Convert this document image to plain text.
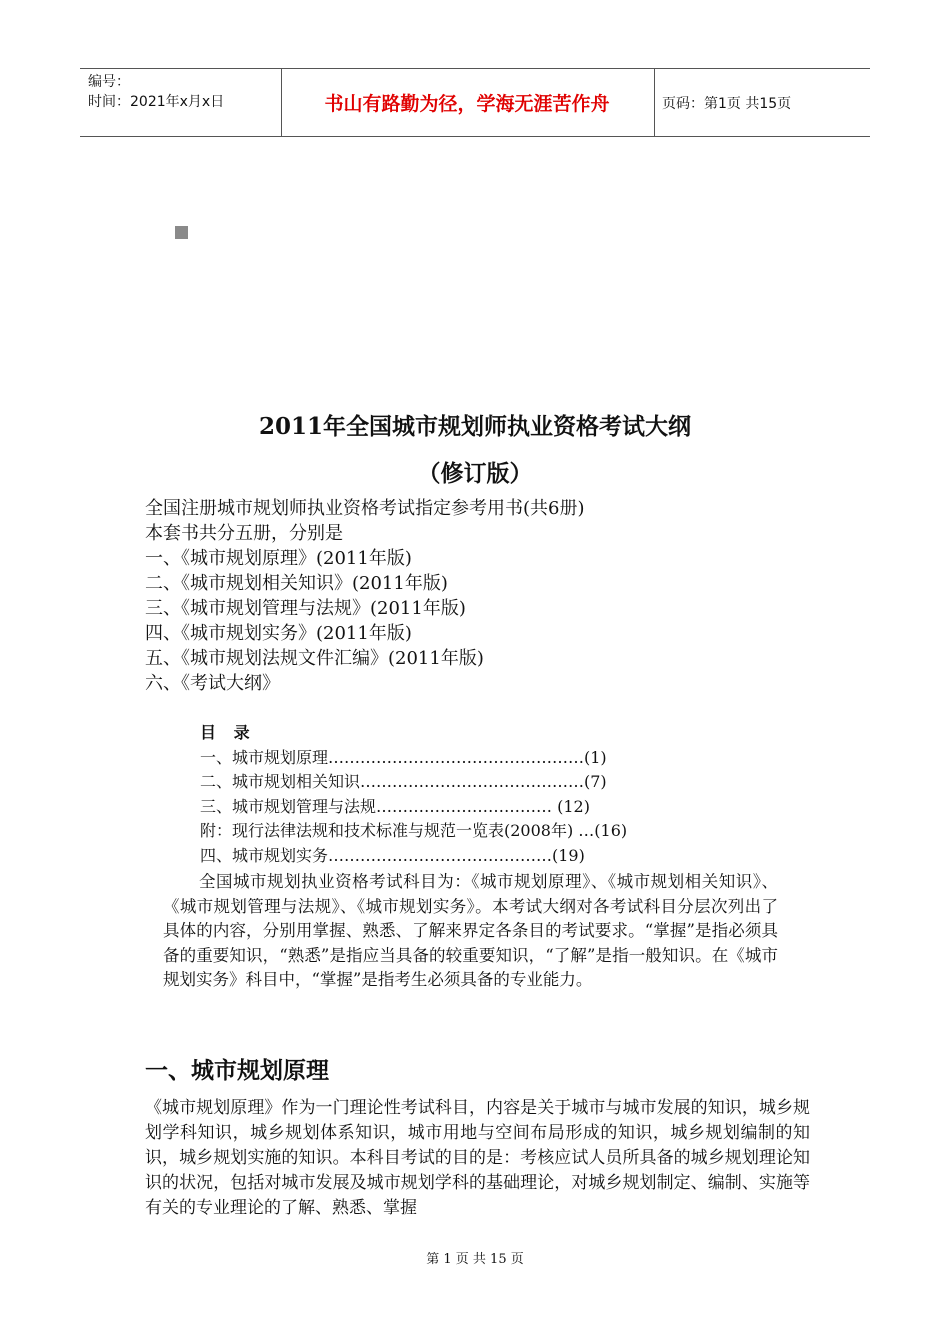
编号：
时间：2021年x月x日	书山有路勤为径，学海无涯苦作舟	页码：第1页 共15页
2011年全国城市规划师执业资格考试大纲
（修订版）
全国注册城市规划师执业资格考试指定参考用书(共6册)
本套书共分五册，分别是
一、《城市规划原理》(2011年版)
二、《城市规划相关知识》(2011年版)
三、《城市规划管理与法规》(2011年版)
四、《城市规划实务》(2011年版)
五、《城市规划法规文件汇编》(2011年版)
六、《考试大纲》
目 录
一、城市规划原理…………………………………………(1)
二、城市规划相关知识……………………………………(7)
三、城市规划管理与法规…………………………… (12)
附：现行法律法规和技术标准与规范一览表(2008年) …(16)
四、城市规划实务……………………………………(19)
全国城市规划执业资格考试科目为：《城市规划原理》、《城市规划相关知识》、《城市规划管理与法规》、《城市规划实务》。本考试大纲对各考试科目分层次列出了具体的内容，分别用掌握、熟悉、了解来界定各条目的考试要求。“掌握”是指必须具备的重要知识，“熟悉”是指应当具备的较重要知识，“了解”是指一般知识。在《城市规划实务》科目中，“掌握”是指考生必须具备的专业能力。
一、城市规划原理
《城市规划原理》作为一门理论性考试科目，内容是关于城市与城市发展的知识，城乡规划学科知识，城乡规划体系知识，城市用地与空间布局形成的知识，城乡规划编制的知识，城乡规划实施的知识。本科目考试的目的是：考核应试人员所具备的城乡规划理论知识的状况，包括对城市发展及城市规划学科的基础理论，对城乡规划制定、编制、实施等有关的专业理论的了解、熟悉、掌握
第 1 页 共 15 页
